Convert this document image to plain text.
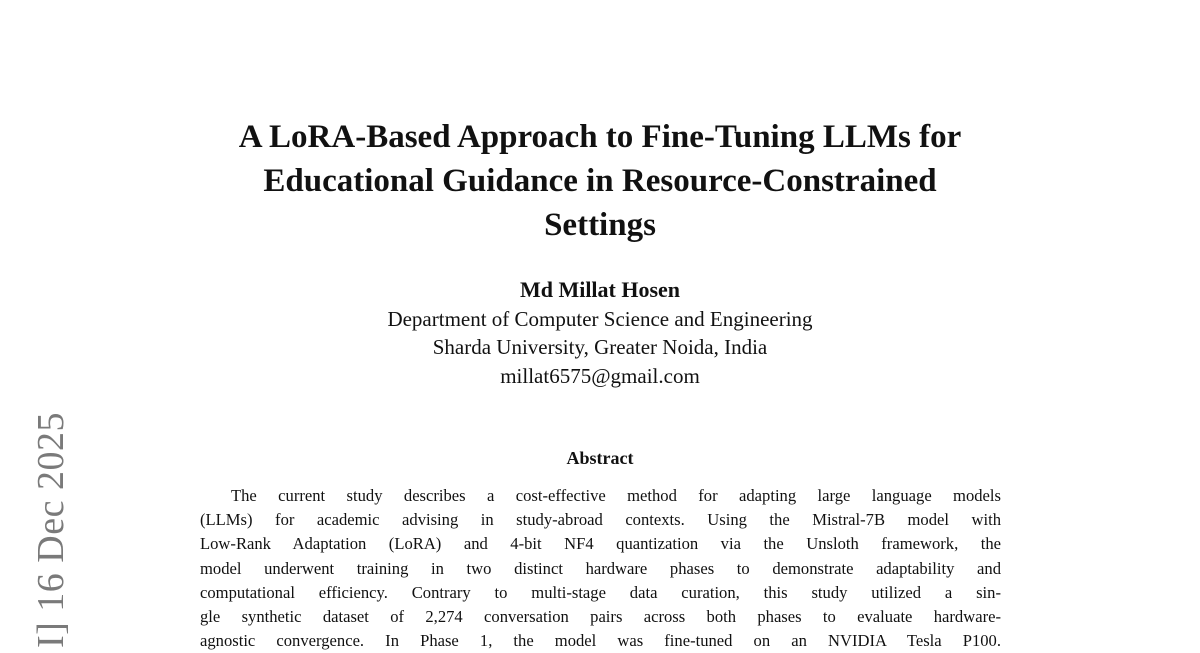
I] 16 Dec 2025
A LoRA-Based Approach to Fine-Tuning LLMs for
Educational Guidance in Resource-Constrained
Settings
Md Millat Hosen
Department of Computer Science and Engineering
Sharda University, Greater Noida, India
millat6575@gmail.com
Abstract
The current study describes a cost-effective method for adapting large language models
(LLMs) for academic advising in study-abroad contexts. Using the Mistral-7B model with
Low-Rank Adaptation (LoRA) and 4-bit NF4 quantization via the Unsloth framework, the
model underwent training in two distinct hardware phases to demonstrate adaptability and
computational efficiency. Contrary to multi-stage data curation, this study utilized a sin-
gle synthetic dataset of 2,274 conversation pairs across both phases to evaluate hardware-
agnostic convergence. In Phase 1, the model was fine-tuned on an NVIDIA Tesla P100.
